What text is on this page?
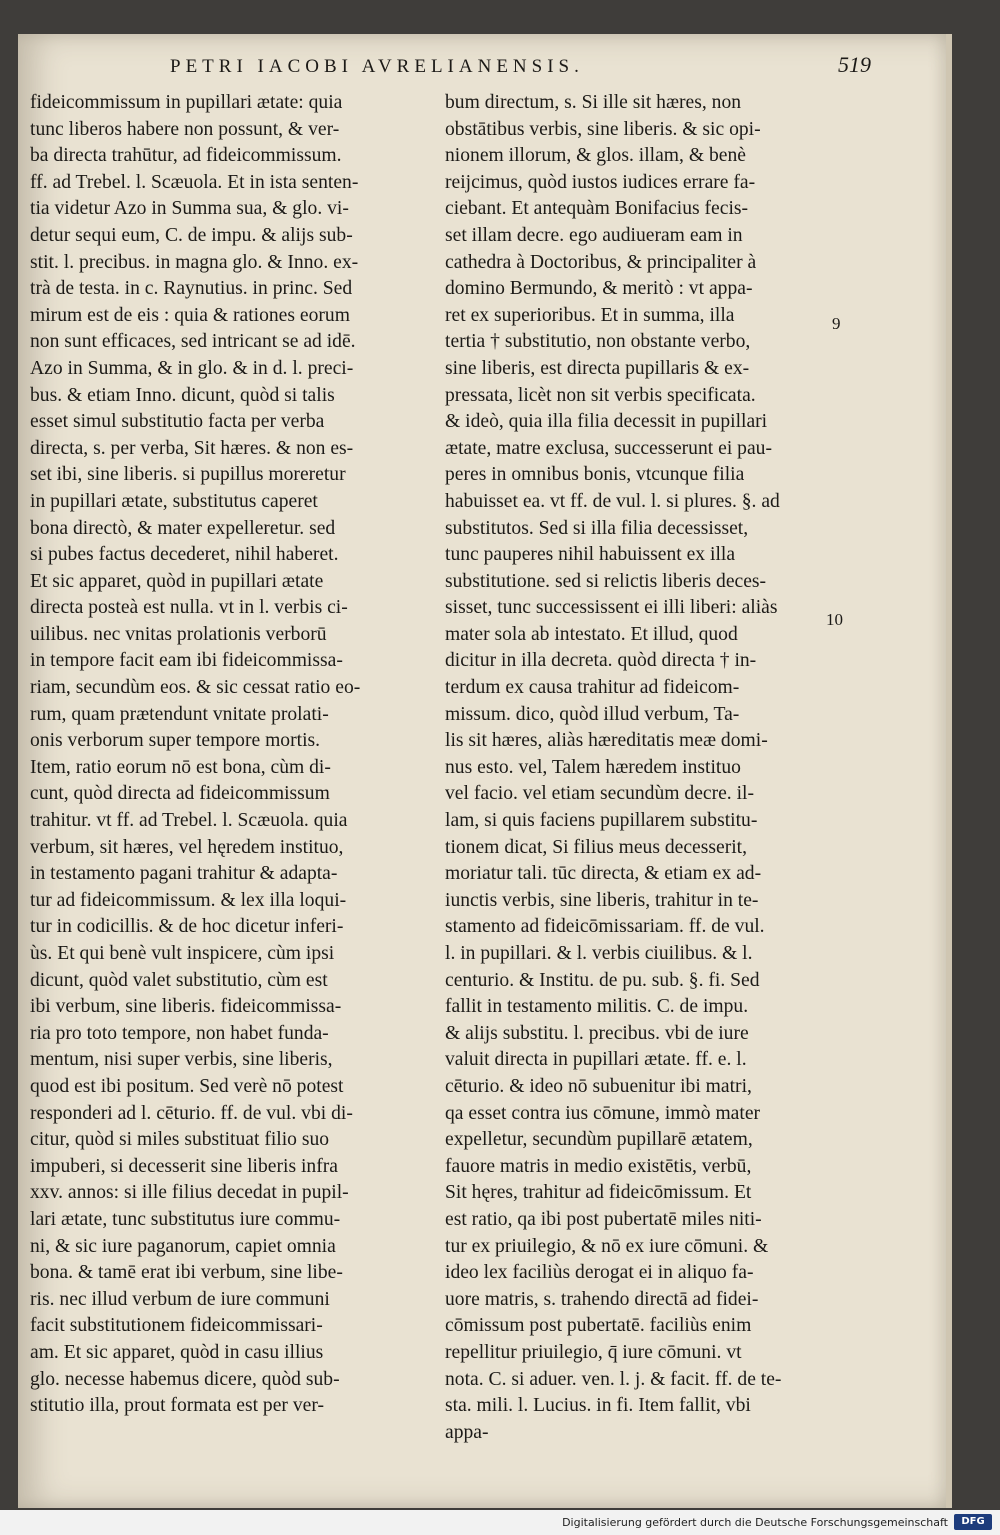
PETRI IACOBI AVRELIANENSIS.	519
fideicommissum in pupillari ætate: quia
tunc liberos habere non possunt, & ver-
ba directa trahūtur, ad fideicommissum.
ff. ad Trebel. l. Scæuola. Et in ista senten-
tia videtur Azo in Summa sua, & glo. vi-
detur sequi eum, C. de impu. & alijs sub-
stit. l. precibus. in magna glo. & Inno. ex-
trà de testa. in c. Raynutius. in princ. Sed
mirum est de eis : quia & rationes eorum
non sunt efficaces, sed intricant se ad idē.
Azo in Summa, & in glo. & in d. l. preci-
bus. & etiam Inno. dicunt, quòd si talis
esset simul substitutio facta per verba
directa, s. per verba, Sit hæres. & non es-
set ibi, sine liberis. si pupillus moreretur
in pupillari ætate, substitutus caperet
bona directò, & mater expelleretur. sed
si pubes factus decederet, nihil haberet.
Et sic apparet, quòd in pupillari ætate
directa posteà est nulla. vt in l. verbis ci-
uilibus. nec vnitas prolationis verborū
in tempore facit eam ibi fideicommissa-
riam, secundùm eos. & sic cessat ratio eo-
rum, quam prætendunt vnitate prolati-
onis verborum super tempore mortis.
Item, ratio eorum nō est bona, cùm di-
cunt, quòd directa ad fideicommissum
trahitur. vt ff. ad Trebel. l. Scæuola. quia
verbum, sit hæres, vel hęredem instituo,
in testamento pagani trahitur & adapta-
tur ad fideicommissum. & lex illa loqui-
tur in codicillis. & de hoc dicetur inferi-
ùs. Et qui benè vult inspicere, cùm ipsi
dicunt, quòd valet substitutio, cùm est
ibi verbum, sine liberis. fideicommissa-
ria pro toto tempore, non habet funda-
mentum, nisi super verbis, sine liberis,
quod est ibi positum. Sed verè nō potest
responderi ad l. cēturio. ff. de vul. vbi di-
citur, quòd si miles substituat filio suo
impuberi, si decesserit sine liberis infra
xxv. annos: si ille filius decedat in pupil-
lari ætate, tunc substitutus iure commu-
ni, & sic iure paganorum, capiet omnia
bona. & tamē erat ibi verbum, sine libe-
ris. nec illud verbum de iure communi
facit substitutionem fideicommissari-
am. Et sic apparet, quòd in casu illius
glo. necesse habemus dicere, quòd sub-
stitutio illa, prout formata est per ver-
bum directum, s. Si ille sit hæres, non
obstātibus verbis, sine liberis. & sic opi-
nionem illorum, & glos. illam, & benè
reijcimus, quòd iustos iudices errare fa-
ciebant. Et antequàm Bonifacius fecis-
set illam decre. ego audiueram eam in
cathedra à Doctoribus, & principaliter à
domino Bermundo, & meritò : vt appa-
ret ex superioribus. Et in summa, illa
tertia † substitutio, non obstante verbo,
sine liberis, est directa pupillaris & ex-
pressata, licèt non sit verbis specificata.
& ideò, quia illa filia decessit in pupillari
ætate, matre exclusa, successerunt ei pau-
peres in omnibus bonis, vtcunque filia
habuisset ea. vt ff. de vul. l. si plures. §. ad
substitutos. Sed si illa filia decessisset,
tunc pauperes nihil habuissent ex illa
substitutione. sed si relictis liberis deces-
sisset, tunc successissent ei illi liberi: aliàs
mater sola ab intestato. Et illud, quod
dicitur in illa decreta. quòd directa † in-
terdum ex causa trahitur ad fideicom-
missum. dico, quòd illud verbum, Ta-
lis sit hæres, aliàs hæreditatis meæ domi-
nus esto. vel, Talem hæredem instituo
vel facio. vel etiam secundùm decre. il-
lam, si quis faciens pupillarem substitu-
tionem dicat, Si filius meus decesserit,
moriatur tali. tūc directa, & etiam ex ad-
iunctis verbis, sine liberis, trahitur in te-
stamento ad fideicōmissariam. ff. de vul.
l. in pupillari. & l. verbis ciuilibus. & l.
centurio. & Institu. de pu. sub. §. fi. Sed
fallit in testamento militis. C. de impu.
& alijs substitu. l. precibus. vbi de iure
valuit directa in pupillari ætate. ff. e. l.
cēturio. & ideo nō subuenitur ibi matri,
qa esset contra ius cōmune, immò mater
expelletur, secundùm pupillarē ætatem,
fauore matris in medio existētis, verbū,
Sit hęres, trahitur ad fideicōmissum. Et
est ratio, qa ibi post pubertatē miles niti-
tur ex priuilegio, & nō ex iure cōmuni. &
ideo lex faciliùs derogat ei in aliquo fa-
uore matris, s. trahendo directā ad fidei-
cōmissum post pubertatē. faciliùs enim
repellitur priuilegio, q̄ iure cōmuni. vt
nota. C. si aduer. ven. l. j. & facit. ff. de te-
sta. mili. l. Lucius. in fi. Item fallit, vbi
appa-
9
10
Digitalisierung gefördert durch die Deutsche Forschungsgemeinschaft	DFG
